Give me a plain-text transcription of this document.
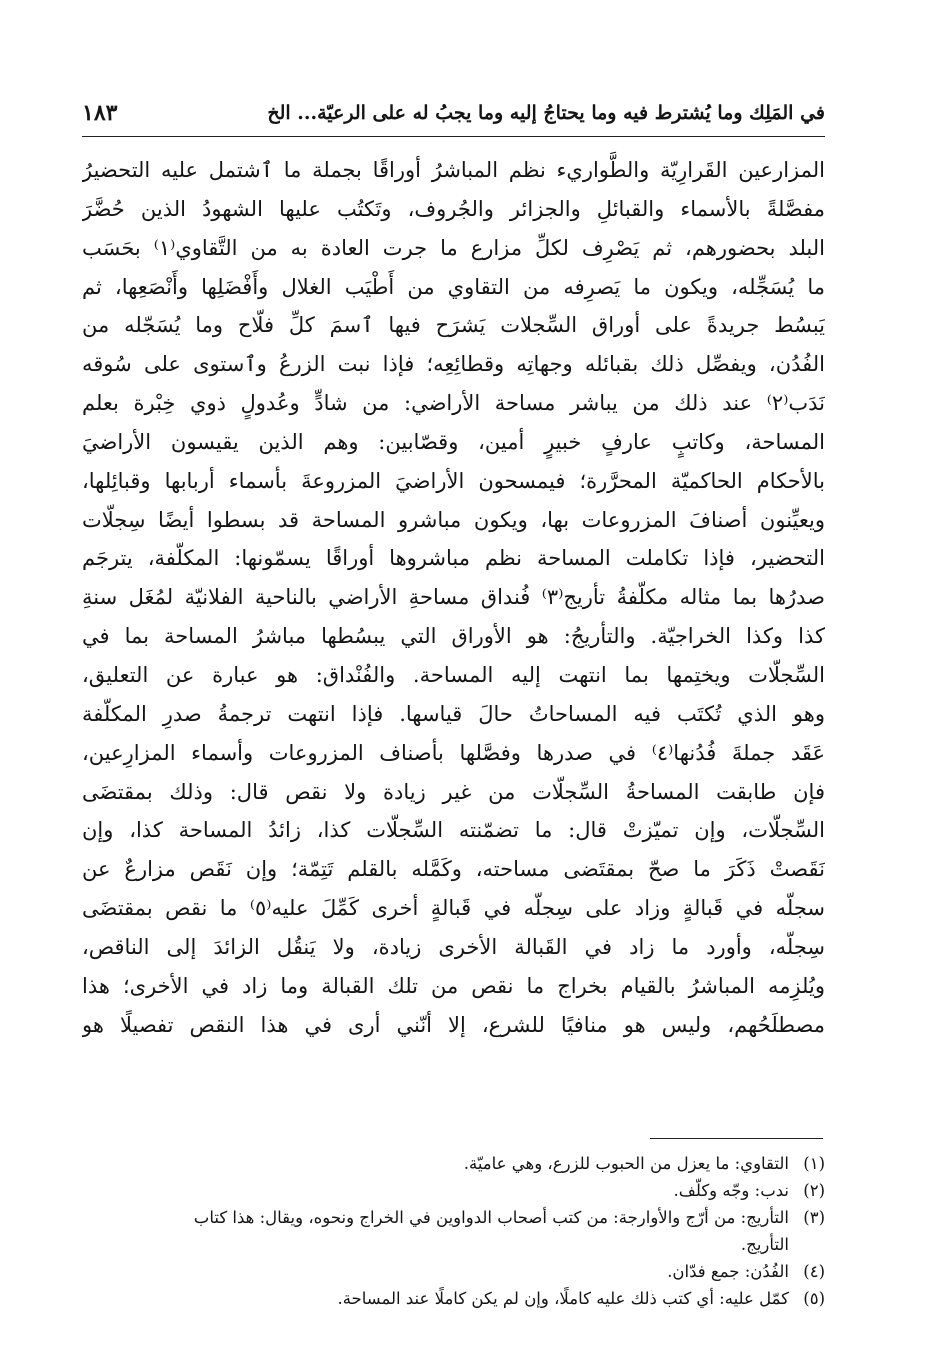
في المَلِك وما يُشترط فيه وما يحتاجُ إليه وما يجبُ له على الرعيّة... الخ
١٨٣
المزارعين القَرارِيّة والطَّواريء نظم المباشرُ أوراقًا بجملة ما ٱشتمل عليه التحضيرُ
مفصَّلةً بالأسماء والقبائلِ والجزائر والجُروف، وتَكتُب عليها الشهودُ الذين حُضَّرَ
البلد بحضورهم، ثم يَصْرِف لكلِّ مزارع ما جرت العادة به من التَّقاوي⁽١⁾ بحَسَب
ما يُسَجِّله، ويكون ما يَصرِفه من التقاوي من أَطْيَب الغلال وأَفْضَلِها وأَنْصَعِها، ثم
يَبسُط جريدةً على أوراق السِّجلات يَشرَح فيها ٱسمَ كلِّ فلّاح وما يُسَجّله من
الفُدُن، ويفصِّل ذلك بقبائله وجهاتِه وقطائِعِه؛ فإذا نبت الزرعُ وٱستوى على سُوقه
نَدَب⁽٢⁾ عند ذلك من يباشر مساحة الأراضي: من شادٍّ وعُدولٍ ذوي خِبْرة بعلم
المساحة، وكاتبٍ عارفٍ خبيرٍ أمين، وقصّابين: وهم الذين يقيسون الأراضيَ
بالأحكام الحاكميّة المحرَّرة؛ فيمسحون الأراضيَ المزروعةَ بأسماء أربابها وقبائِلها،
ويعيِّنون أصنافَ المزروعات بها، ويكون مباشرو المساحة قد بسطوا أيضًا سِجلّات
التحضير، فإذا تكاملت المساحة نظم مباشروها أوراقًا يسمّونها: المكلّفة، يترجَم
صدرُها بما مثاله مكلّفةُ تأريج⁽٣⁾ فُنداق مساحةِ الأراضي بالناحية الفلانيّة لمُغَل سنةِ
كذا وكذا الخراجيّة. والتأريجُ: هو الأوراق التي يبسُطها مباشرُ المساحة بما في
السِّجلّات ويختِمها بما انتهت إليه المساحة. والفُنْداق: هو عبارة عن التعليق،
وهو الذي تُكتَب فيه المساحاتُ حالَ قياسها. فإذا انتهت ترجمةُ صدرِ المكلّفة
عَقَد جملةَ فُدُنها⁽٤⁾ في صدرها وفصَّلها بأصناف المزروعات وأسماء المزارِعين،
فإن طابقت المساحةُ السِّجلّات من غير زيادة ولا نقص قال: وذلك بمقتضَى
السِّجلّات، وإن تميّزتْ قال: ما تضمّنته السِّجلّات كذا، زائدُ المساحة كذا، وإن
نَقَصتْ ذَكَرَ ما صحّ بمقتَضى مساحته، وكَمَّله بالقلم تَتِمّة؛ وإن نَقَص مزارعٌ عن
سجلّه في قَبالةٍ وزاد على سِجلّه في قَبالةٍ أخرى كَمِّلَ عليه⁽٥⁾ ما نقص بمقتضَى
سِجلّه، وأورد ما زاد في القَبالة الأخرى زيادة، ولا يَنقُل الزائدَ إلى الناقص،
ويُلزِمه المباشرُ بالقيام بخراج ما نقص من تلك القبالة وما زاد في الأخرى؛ هذا
مصطلَحُهم، وليس هو منافيًا للشرع، إلا أنّني أرى في هذا النقص تفصيلًا هو
(١)
التقاوي: ما يعزل من الحبوب للزرع، وهي عاميّة.
(٢)
ندب: وجّه وكلّف.
(٣)
التأريج: من أرّج والأوارجة: من كتب أصحاب الدواوين في الخراج ونحوه، ويقال: هذا كتاب
التأريج.
(٤)
الفُدُن: جمع فدّان.
(٥)
كمّل عليه: أي كتب ذلك عليه كاملًا، وإن لم يكن كاملًا عند المساحة.
